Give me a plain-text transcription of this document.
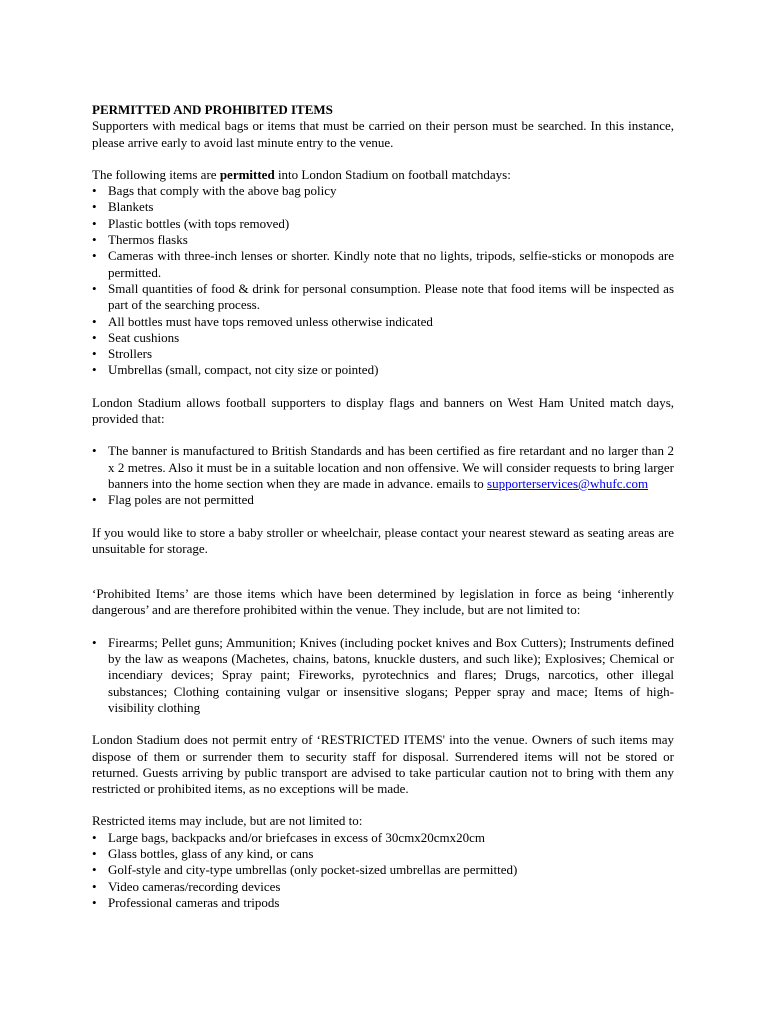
PERMITTED AND PROHIBITED ITEMS

Supporters with medical bags or items that must be carried on their person must be searched. In this instance, please arrive early to avoid last minute entry to the venue.

The following items are permitted into London Stadium on football matchdays:

• Bags that comply with the above bag policy
• Blankets
• Plastic bottles (with tops removed)
• Thermos flasks
• Cameras with three-inch lenses or shorter. Kindly note that no lights, tripods, selfie-sticks or monopods are permitted.
• Small quantities of food & drink for personal consumption. Please note that food items will be inspected as part of the searching process.
• All bottles must have tops removed unless otherwise indicated
• Seat cushions
• Strollers
• Umbrellas (small, compact, not city size or pointed)

London Stadium allows football supporters to display flags and banners on West Ham United match days, provided that:

• The banner is manufactured to British Standards and has been certified as fire retardant and no larger than 2 x 2 metres. Also it must be in a suitable location and non offensive. We will consider requests to bring larger banners into the home section when they are made in advance. emails to supporterservices@whufc.com
• Flag poles are not permitted

If you would like to store a baby stroller or wheelchair, please contact your nearest steward as seating areas are unsuitable for storage.

‘Prohibited Items’ are those items which have been determined by legislation in force as being ‘inherently dangerous’ and are therefore prohibited within the venue. They include, but are not limited to:

• Firearms; Pellet guns; Ammunition; Knives (including pocket knives and Box Cutters); Instruments defined by the law as weapons (Machetes, chains, batons, knuckle dusters, and such like); Explosives; Chemical or incendiary devices; Spray paint; Fireworks, pyrotechnics and flares; Drugs, narcotics, other illegal substances; Clothing containing vulgar or insensitive slogans; Pepper spray and mace; Items of high-visibility clothing

London Stadium does not permit entry of ‘RESTRICTED ITEMS' into the venue. Owners of such items may dispose of them or surrender them to security staff for disposal. Surrendered items will not be stored or returned. Guests arriving by public transport are advised to take particular caution not to bring with them any restricted or prohibited items, as no exceptions will be made.

Restricted items may include, but are not limited to:

• Large bags, backpacks and/or briefcases in excess of 30cmx20cmx20cm
• Glass bottles, glass of any kind, or cans
• Golf-style and city-type umbrellas (only pocket-sized umbrellas are permitted)
• Video cameras/recording devices
• Professional cameras and tripods
